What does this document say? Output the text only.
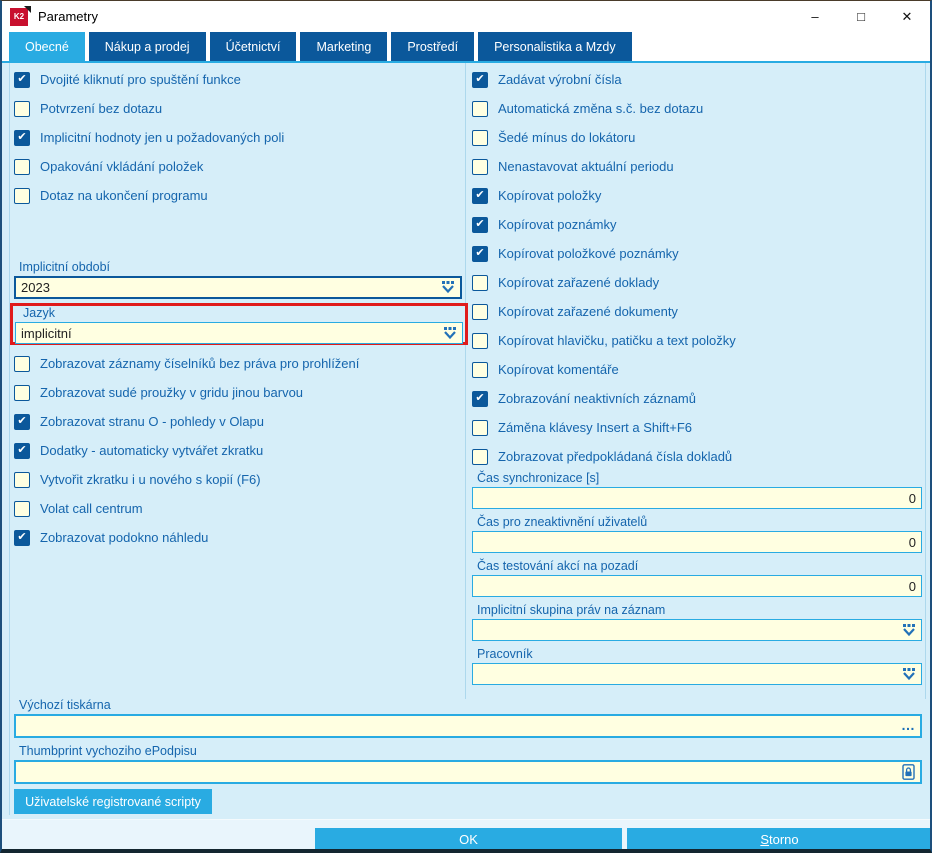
K2 Parametry	–	□	✕
Obecné	Nákup a prodej	Účetnictví	Marketing	Prostředí	Personalistika a Mzdy
✔ Dvojité kliknutí pro spuštění funkce
Potvrzení bez dotazu
✔ Implicitní hodnoty jen u požadovaných poli
Opakování vkládání položek
Dotaz na ukončení programu
Implicitní období
2023
Jazyk
implicitní
Zobrazovat záznamy číselníků bez práva pro prohlížení
Zobrazovat sudé proužky v gridu jinou barvou
✔ Zobrazovat stranu O - pohledy v Olapu
✔ Dodatky - automaticky vytvářet zkratku
Vytvořit zkratku i u nového s kopií (F6)
Volat call centrum
✔ Zobrazovat podokno náhledu
✔ Zadávat výrobní čísla
Automatická změna s.č. bez dotazu
Šedé mínus do lokátoru
Nenastavovat aktuální periodu
✔ Kopírovat položky
✔ Kopírovat poznámky
✔ Kopírovat položkové poznámky
Kopírovat zařazené doklady
Kopírovat zařazené dokumenty
Kopírovat hlavičku, patičku a text položky
Kopírovat komentáře
✔ Zobrazování neaktivních záznamů
Záměna klávesy Insert a Shift+F6
Zobrazovat předpokládaná čísla dokladů
Čas synchronizace [s]
0
Čas pro zneaktivnění uživatelů
0
Čas testování akcí na pozadí
0
Implicitní skupina práv na záznam
Pracovník
Výchozí tiskárna
…
Thumbprint vychoziho ePodpisu
Uživatelské registrované scripty
OK	Storno
